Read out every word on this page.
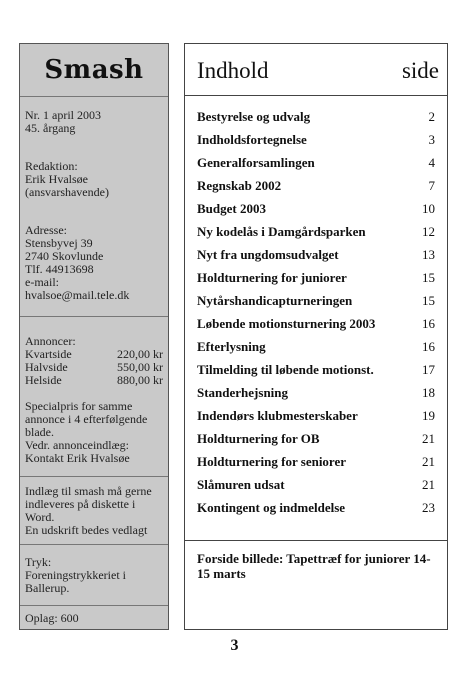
Smash
Nr. 1 april 2003
45. årgang
Redaktion:
Erik Hvalsøe
(ansvarshavende)
Adresse:
Stensbyvej 39
2740 Skovlunde
Tlf. 44913698
e-mail:
hvalsoe@mail.tele.dk
Annoncer:
Kvartside	220,00 kr
Halvside	550,00 kr
Helside	880,00 kr
Specialpris for samme
annonce i 4 efterfølgende
blade.
Vedr. annonceindlæg:
Kontakt Erik Hvalsøe
Indlæg til smash må gerne
indleveres på diskette i
Word.
En udskrift bedes vedlagt
Tryk:
Foreningstrykkeriet i
Ballerup.
Oplag: 600
Indhold	side
Bestyrelse og udvalg	2
Indholdsfortegnelse	3
Generalforsamlingen	4
Regnskab 2002	7
Budget 2003	10
Ny kodelås i Damgårdsparken	12
Nyt fra ungdomsudvalget	13
Holdturnering for juniorer	15
Nytårshandicapturneringen	15
Løbende motionsturnering 2003	16
Efterlysning	16
Tilmelding til løbende motionst.	17
Standerhejsning	18
Indendørs klubmesterskaber	19
Holdturnering for OB	21
Holdturnering for seniorer	21
Slåmuren udsat	21
Kontingent og indmeldelse	23
Forside billede: Tapettræf for juniorer 14-15 marts
3
